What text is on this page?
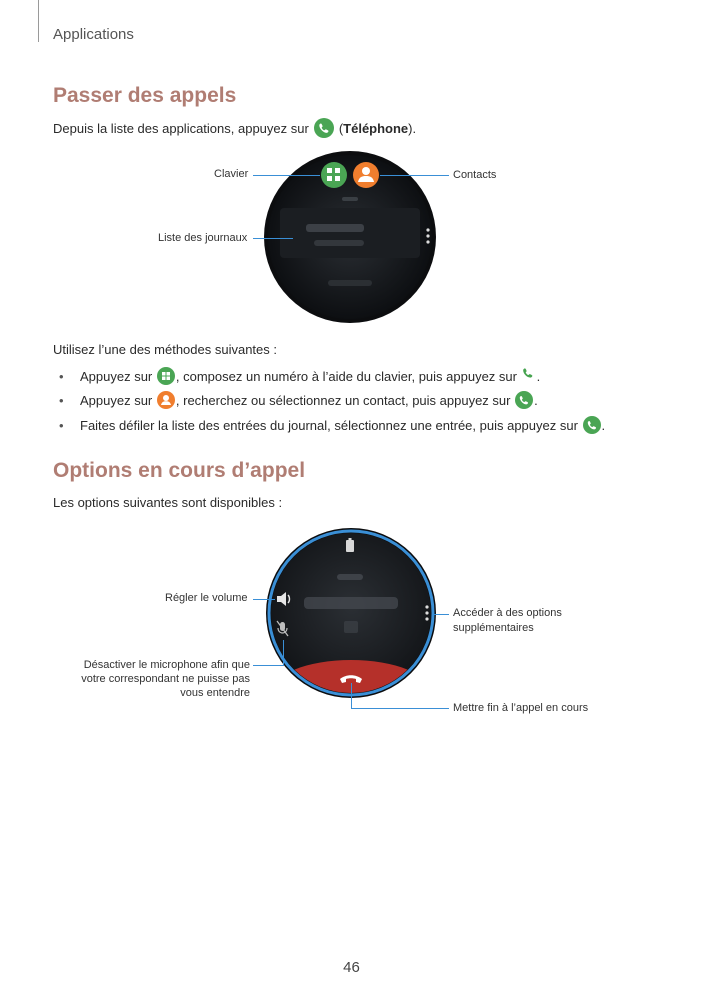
Applications
Passer des appels
Depuis la liste des applications, appuyez sur ( Téléphone ).
Clavier	Contacts
Liste des journaux
Utilisez l’une des méthodes suivantes :
•	Appuyez sur
, composez un numéro à l’aide du clavier, puis appuyez sur
.
•	Appuyez sur
, recherchez ou sélectionnez un contact, puis appuyez sur
.
•	Faites défiler la liste des entrées du journal, sélectionnez une entrée, puis appuyez sur
.
Options en cours d’appel
Les options suivantes sont disponibles :
Régler le volume
Accéder à des options
supplémentaires
Désactiver le microphone afin que
votre correspondant ne puisse pas
vous entendre
Mettre fin à l’appel en cours
46
